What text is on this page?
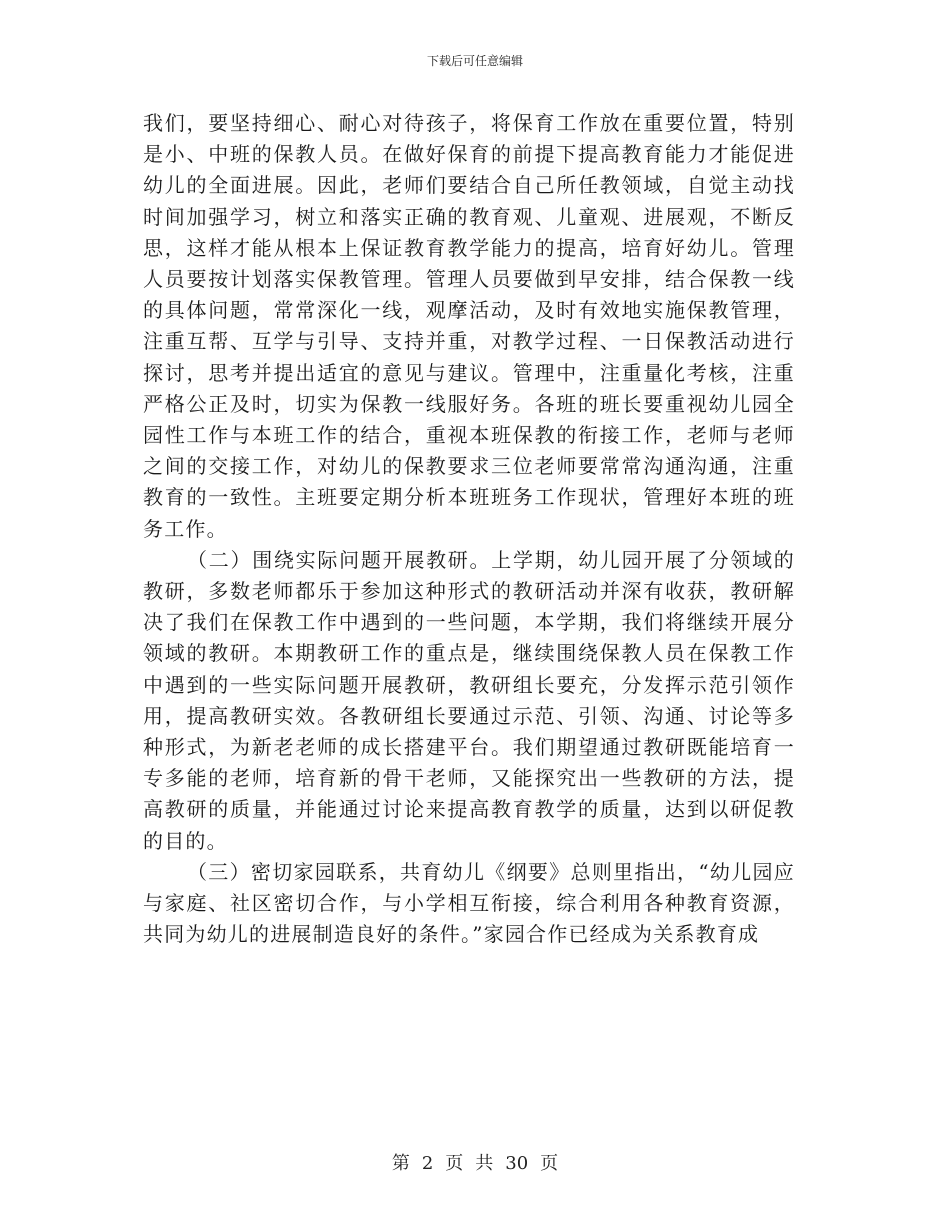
下载后可任意编辑

我们，要坚持细心、耐心对待孩子，将保育工作放在重要位置，特别是小、中班的保教人员。在做好保育的前提下提高教育能力才能促进幼儿的全面进展。因此，老师们要结合自己所任教领域，自觉主动找时间加强学习，树立和落实正确的教育观、儿童观、进展观，不断反思，这样才能从根本上保证教育教学能力的提高，培育好幼儿。管理人员要按计划落实保教管理。管理人员要做到早安排，结合保教一线的具体问题，常常深化一线，观摩活动，及时有效地实施保教管理，注重互帮、互学与引导、支持并重，对教学过程、一日保教活动进行探讨，思考并提出适宜的意见与建议。管理中，注重量化考核，注重严格公正及时，切实为保教一线服好务。各班的班长要重视幼儿园全园性工作与本班工作的结合，重视本班保教的衔接工作，老师与老师之间的交接工作，对幼儿的保教要求三位老师要常常沟通沟通，注重教育的一致性。主班要定期分析本班班务工作现状，管理好本班的班务工作。

（二）围绕实际问题开展教研。上学期，幼儿园开展了分领域的教研，多数老师都乐于参加这种形式的教研活动并深有收获，教研解决了我们在保教工作中遇到的一些问题，本学期，我们将继续开展分领域的教研。本期教研工作的重点是，继续围绕保教人员在保教工作中遇到的一些实际问题开展教研，教研组长要充，分发挥示范引领作用，提高教研实效。各教研组长要通过示范、引领、沟通、讨论等多种形式，为新老老师的成长搭建平台。我们期望通过教研既能培育一专多能的老师，培育新的骨干老师，又能探究出一些教研的方法，提高教研的质量，并能通过讨论来提高教育教学的质量，达到以研促教的目的。

（三）密切家园联系，共育幼儿《纲要》总则里指出，“幼儿园应与家庭、社区密切合作，与小学相互衔接，综合利用各种教育资源，共同为幼儿的进展制造良好的条件。”家园合作已经成为关系教育成

第 2 页 共 30 页
